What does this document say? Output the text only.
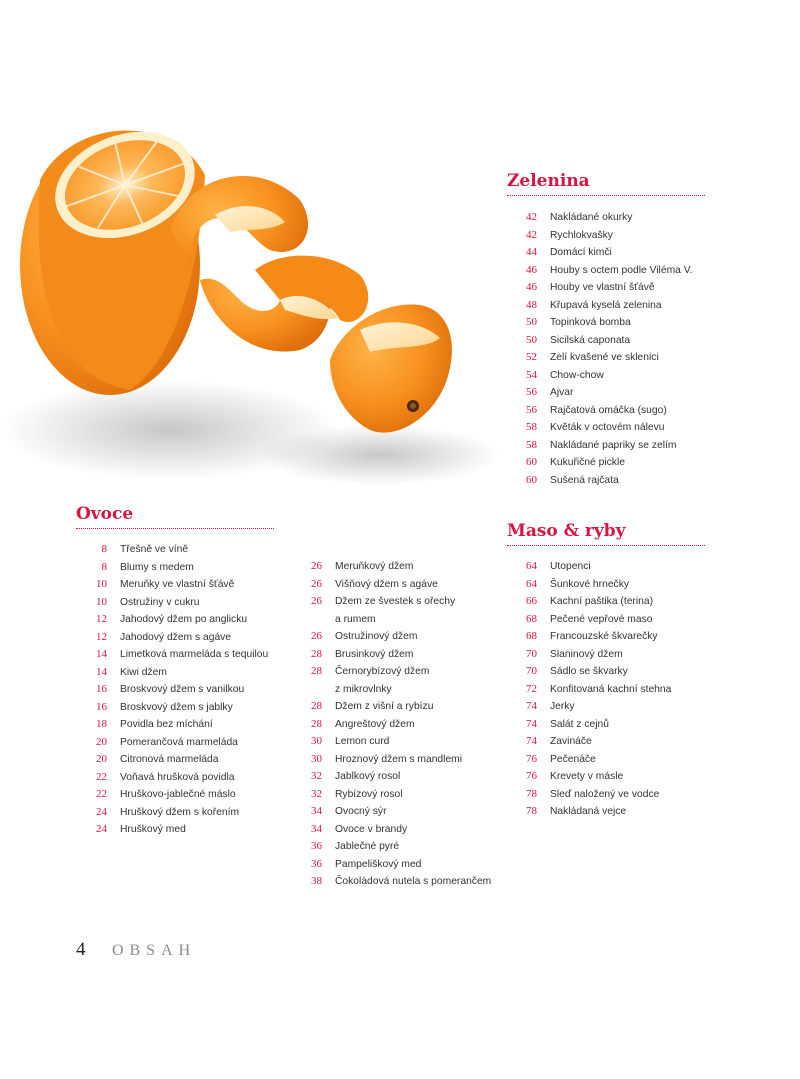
Zelenina
42 Nakládané okurky
42 Rychlokvašky
44 Domácí kimči
46 Houby s octem podle Viléma V.
46 Houby ve vlastní šťávě
48 Křupavá kyselá zelenina
50 Topinková bomba
50 Sicilská caponata
52 Zelí kvašené ve sklenici
54 Chow-chow
56 Ajvar
56 Rajčatová omáčka (sugo)
58 Květák v octovém nálevu
58 Nakládané papriky se zelím
60 Kukuřičné pickle
60 Sušená rajčata
Ovoce
8 Třešně ve víně
8 Blumy s medem
10 Meruňky ve vlastní šťávě
10 Ostružiny v cukru
12 Jahodový džem po anglicku
12 Jahodový džem s agáve
14 Limetková marmeláda s tequilou
14 Kiwi džem
16 Broskvový džem s vanilkou
16 Broskvový džem s jablky
18 Povidla bez míchání
20 Pomerančová marmeláda
20 Citronová marmeláda
22 Voňavá hrušková povidla
22 Hruškovo-jablečné máslo
24 Hruškový džem s kořením
24 Hruškový med
26 Meruňkový džem
26 Višňový džem s agáve
26 Džem ze švestek s ořechy
a rumem
26 Ostružinový džem
28 Brusinkový džem
28 Černorybízový džem
z mikrovlnky
28 Džem z višní a rybízu
28 Angreštový džem
30 Lemon curd
30 Hroznový džem s mandlemi
32 Jablkový rosol
32 Rybízový rosol
34 Ovocný sýr
34 Ovoce v brandy
36 Jablečné pyré
36 Pampeliškový med
38 Čokoládová nutela s pomerančem
Maso & ryby
64 Utopenci
64 Šunkové hrnečky
66 Kachní paštika (terina)
68 Pečené vepřové maso
68 Francouzské škvarečky
70 Slaninový džem
70 Sádlo se škvarky
72 Konfitovaná kachní stehna
74 Jerky
74 Salát z cejnů
74 Zavináče
76 Pečenáče
76 Krevety v másle
78 Sleď naložený ve vodce
78 Nakládaná vejce
4 OBSAH
